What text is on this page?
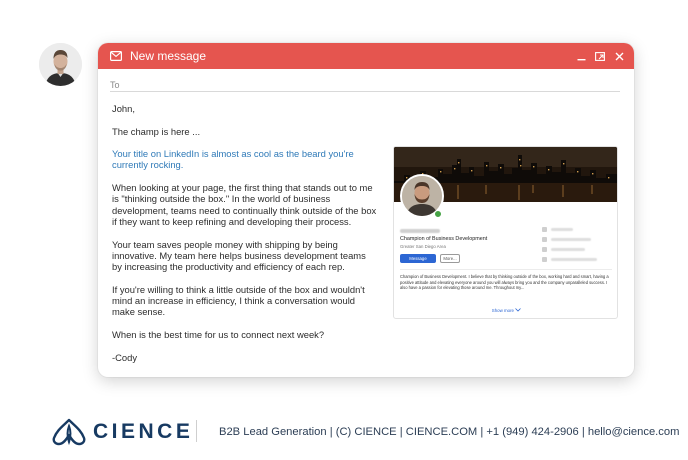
New message
To

John,

The champ is here ...

Your title on LinkedIn is almost as cool as the beard you're currently rocking.

When looking at your page, the first thing that stands out to me is "thinking outside the box." In the world of business development, teams need to continually think outside of the box if they want to keep refining and developing their process.

Your team saves people money with shipping by being innovative. My team here helps business development teams by increasing the productivity and efficiency of each rep.

If you're willing to think a little outside of the box and wouldn't mind an increase in efficiency, I think a conversation would make sense.

When is the best time for us to connect next week?

-Cody

Champion of Business Development
Greater San Diego Area
Message	More...
Champion of Business Development. I believe that by thinking outside of the box, working hard and smart, having a positive attitude and elevating everyone around you will always bring you and the company unparalleled success. I also have a passion for elevating those around me. Throughout my...
Show more
CIENCE B2B Lead Generation | (C) CIENCE | CIENCE.COM | +1 (949) 424-2906 | hello@cience.com
